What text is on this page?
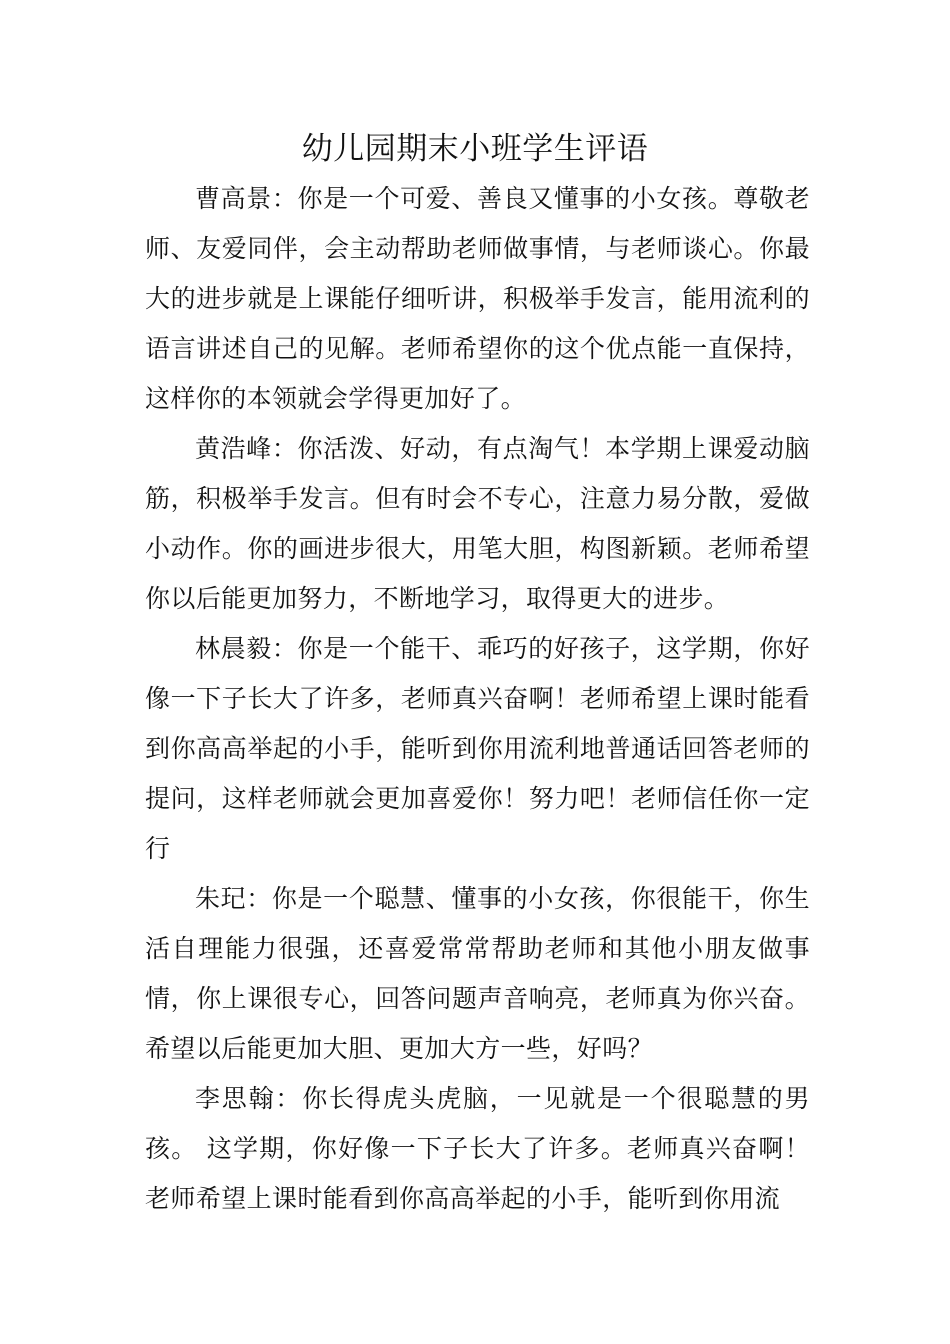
幼儿园期末小班学生评语

曹高景：你是一个可爱、善良又懂事的小女孩。尊敬老师、友爱同伴，会主动帮助老师做事情，与老师谈心。你最大的进步就是上课能仔细听讲，积极举手发言，能用流利的语言讲述自己的见解。老师希望你的这个优点能一直保持，这样你的本领就会学得更加好了。

黄浩峰：你活泼、好动，有点淘气！本学期上课爱动脑筋，积极举手发言。但有时会不专心，注意力易分散，爱做小动作。你的画进步很大，用笔大胆，构图新颖。老师希望你以后能更加努力，不断地学习，取得更大的进步。

林晨毅：你是一个能干、乖巧的好孩子，这学期，你好像一下子长大了许多，老师真兴奋啊！老师希望上课时能看到你高高举起的小手，能听到你用流利地普通话回答老师的提问，这样老师就会更加喜爱你！努力吧！老师信任你一定行

朱玘：你是一个聪慧、懂事的小女孩，你很能干，你生活自理能力很强，还喜爱常常帮助老师和其他小朋友做事情，你上课很专心，回答问题声音响亮，老师真为你兴奋。希望以后能更加大胆、更加大方一些，好吗？

李思翰：你长得虎头虎脑，一见就是一个很聪慧的男孩。 这学期，你好像一下子长大了许多。老师真兴奋啊！老师希望上课时能看到你高高举起的小手，能听到你用流
